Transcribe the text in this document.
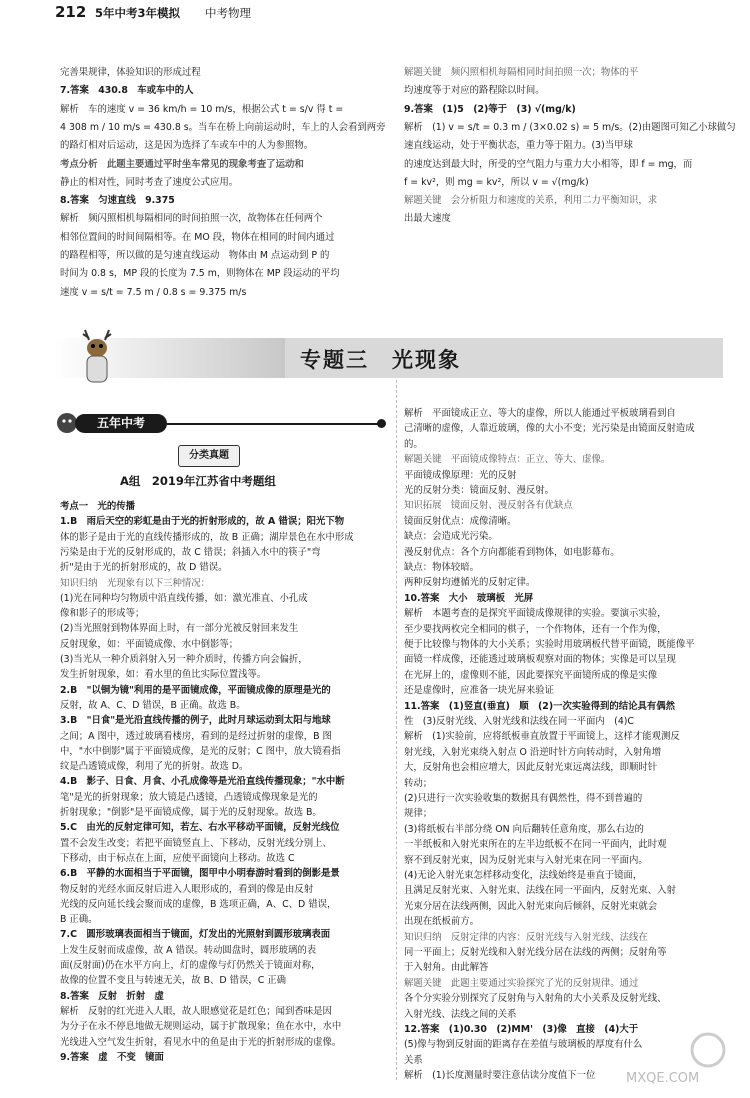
212 5年中考3年模拟 中考物理
完善果规律，体验知识的形成过程
7.答案　430.8　车或车中的人
解析　车的速度 v = 36 km/h = 10 m/s，根据公式 t = s/v 得 t =
4 308 m / 10 m/s = 430.8 s。当车在桥上向前运动时，车上的人会看到两旁
的路灯相对后运动，这是因为选择了车或车中的人为参照物。
考点分析　此题主要通过平时坐车常见的现象考查了运动和
静止的相对性，同时考查了速度公式应用。
8.答案　匀速直线　9.375
解析　频闪照相机每隔相同的时间拍照一次，故物体在任何两个
相邻位置间的时间间隔相等。在 MO 段，物体在相同的时间内通过
的路程相等，所以做的是匀速直线运动　物体由 M 点运动到 P 的
时间为 0.8 s，MP 段的长度为 7.5 m，则物体在 MP 段运动的平均
速度 v = s/t = 7.5 m / 0.8 s = 9.375 m/s
解题关键　频闪照相机每隔相同时间拍照一次；物体的平
均速度等于对应的路程除以时间。
9.答案　(1)5　(2)等于　(3) √(mg/k)
解析　(1) v = s/t = 0.3 m / (3×0.02 s) = 5 m/s。(2)由题图可知乙小球做匀
速直线运动，处于平衡状态，重力等于阻力。(3)当甲球
的速度达到最大时，所受的空气阻力与重力大小相等，即 f = mg，而
f = kv²，则 mg = kv²，所以 v = √(mg/k)
解题关键　会分析阻力和速度的关系，利用二力平衡知识，求
出最大速度
专题三　光现象
五年中考
分类真题
A组　2019年江苏省中考题组
考点一　光的传播
1.B　雨后天空的彩虹是由于光的折射形成的，故 A 错误；阳光下物
体的影子是由于光的直线传播形成的，故 B 正确；湖岸景色在水中形成
污染是由于光的反射形成的，故 C 错误；斜插入水中的筷子"弯
折"是由于光的折射形成的，故 D 错误。
知识归纳　光现象有以下三种情况：
(1)光在同种均匀物质中沿直线传播，如：激光准直、小孔成
像和影子的形成等；
(2)当光照射到物体界面上时，有一部分光被反射回来发生
反射现象，如：平面镜成像、水中倒影等；
(3)当光从一种介质斜射入另一种介质时，传播方向会偏折，
发生折射现象，如：看水里的鱼比实际位置浅等。
2.B　"以铜为镜"利用的是平面镜成像，平面镜成像的原理是光的
反射，故 A、C、D 错误，B 正确。故选 B。
3.B　"日食"是光沿直线传播的例子，此时月球运动到太阳与地球
之间；A 图中，透过玻璃看楼房，看到的是经过折射的虚像，B 图
中，"水中倒影"属于平面镜成像，是光的反射；C 图中，放大镜看指
纹是凸透镜成像，利用了光的折射。故选 D。
4.B　影子、日食、月食、小孔成像等是光沿直线传播现象；"水中断
笔"是光的折射现象；放大镜是凸透镜，凸透镜成像现象是光的
折射现象；"倒影"是平面镜成像，属于光的反射现象。故选 B。
5.C　由光的反射定律可知，若左、右水平移动平面镜，反射光线位
置不会发生改变；若把平面镜竖直上、下移动，反射光线分别上、
下移动，由于标点在上面，应使平面镜向上移动。故选 C
6.B　平静的水面相当于平面镜，图甲中小明春游时看到的倒影是景
物反射的光经水面反射后进入人眼形成的，看到的像是由反射
光线的反向延长线会聚而成的虚像，B 选项正确，A、C、D 错误，
B 正确。
7.C　圆形玻璃表面相当于镜面，灯发出的光照射到圆形玻璃表面
上发生反射而成虚像，故 A 错误。转动圆盘时，圆形玻璃的表
面(反射面)仍在水平方向上，灯的虚像与灯仍然关于镜面对称，
故像的位置不变且与转速无关，故 B、D 错误，C 正确
8.答案　反射　折射　虚
解析　反射的红光进入人眼，故人眼感觉花是红色；闻到香味是因
为分子在永不停息地做无规则运动，属于扩散现象；鱼在水中，水中
光线进入空气发生折射，看见水中的鱼是由于光的折射形成的虚像。
9.答案　虚　不变　镜面
解析　平面镜成正立、等大的虚像，所以人能通过平板玻璃看到自
己清晰的虚像，人靠近玻璃，像的大小不变；光污染是由镜面反射造成
的。
解题关键　平面镜成像特点：正立、等大、虚像。
平面镜成像原理：光的反射
光的反射分类：镜面反射、漫反射。
知识拓展　镜面反射、漫反射各有优缺点
镜面反射优点：成像清晰。
缺点：会造成光污染。
漫反射优点：各个方向都能看到物体，如电影幕布。
缺点：物体较暗。
两种反射均遵循光的反射定律。
10.答案　大小　玻璃板　光屏
解析　本题考查的是探究平面镜成像规律的实验。要演示实验，
至少要找两枚完全相同的棋子，一个作物体，还有一个作为像，
便于比较像与物体的大小关系；实验时用玻璃板代替平面镜，既能像平
面镜一样成像，还能透过玻璃板观察对面的物体；实像是可以呈现
在光屏上的，虚像则不能，因此要探究平面镜所成的像是实像
还是虚像时，应准备一块光屏来验证
11.答案　(1)竖直(垂直)　顺　(2)一次实验得到的结论具有偶然
性　(3)反射光线、入射光线和法线在同一平面内　(4)C
解析　(1)实验前，应将纸板垂直放置于平面镜上，这样才能观测反
射光线，入射光束绕入射点 O 沿逆时针方向转动时，入射角增
大，反射角也会相应增大，因此反射光束远离法线，即顺时针
转动；
(2)只进行一次实验收集的数据具有偶然性，得不到普遍的
规律；
(3)将纸板右半部分绕 ON 向后翻转任意角度，那么右边的
一半纸板和入射光束所在的左半边纸板不在同一平面内，此时观
察不到反射光束，因为反射光束与入射光束在同一平面内。
(4)无论入射光束怎样移动变化，法线始终是垂直于镜面，
且满足反射光束、入射光束、法线在同一平面内，反射光束、入射
光束分居在法线两侧，因此入射光束向后倾斜，反射光束就会
出现在纸板前方。
知识归纳　反射定律的内容：反射光线与入射光线、法线在
同一平面上；反射光线和入射光线分居在法线的两侧；反射角等
于入射角。由此解答
解题关键　此题主要通过实验探究了光的反射规律。通过
各个分实验分别探究了反射角与入射角的大小关系及反射光线、
入射光线、法线之间的关系
12.答案　(1)0.30　(2)MM'　(3)像　直接　(4)大于
(5)像与物到反射面的距离存在差值与玻璃板的厚度有什么
关系
解析　(1)长度测量时要注意估读分度值下一位 MXQE.COM
